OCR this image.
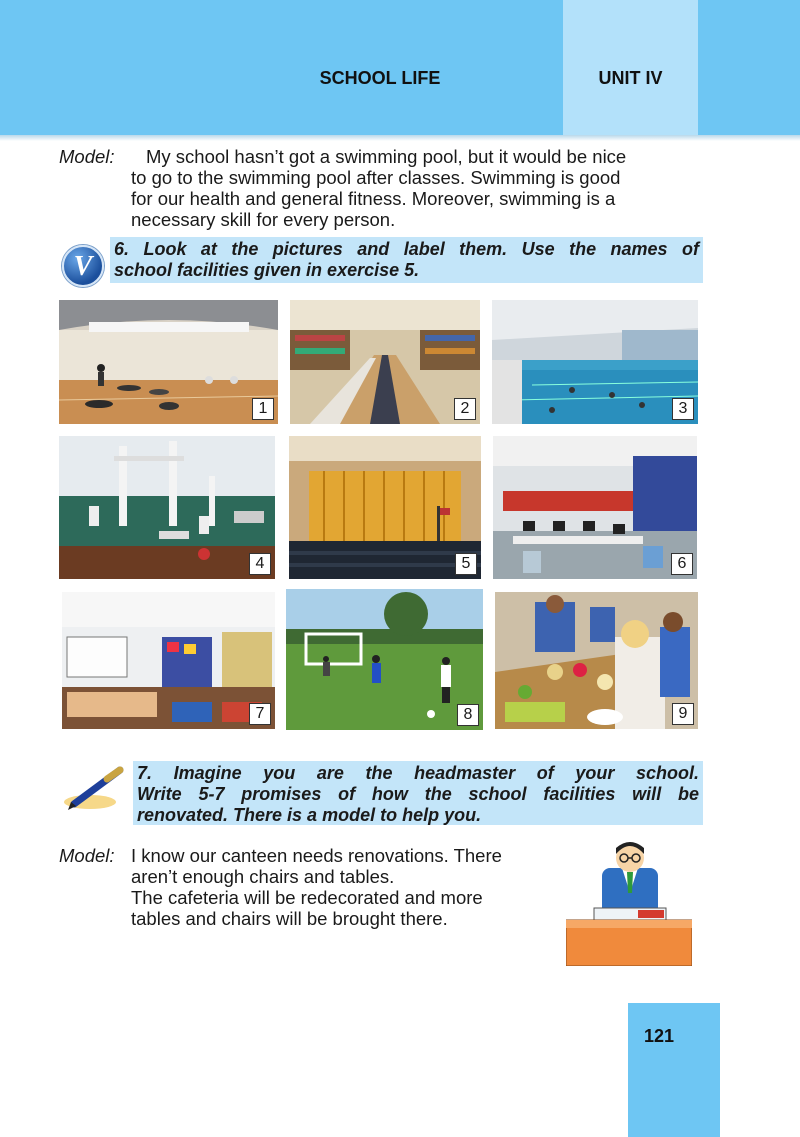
SCHOOL LIFE	UNIT IV
Model: My school hasn’t got a swimming pool, but it would be nice
to go to the swimming pool after classes. Swimming is good
for our health and general fitness. Moreover, swimming is a
necessary skill for every person.
V
6. Look at the pictures and label them. Use the names of
school facilities given in exercise 5.
1	2	3
4	5	6
7	8	9
7. Imagine you are the headmaster of your school.
Write 5-7 promises of how the school facilities will be
renovated. There is a model to help you.
Model: I know our canteen needs renovations. There
aren’t enough chairs and tables.
The cafeteria will be redecorated and more
tables and chairs will be brought there.
121
